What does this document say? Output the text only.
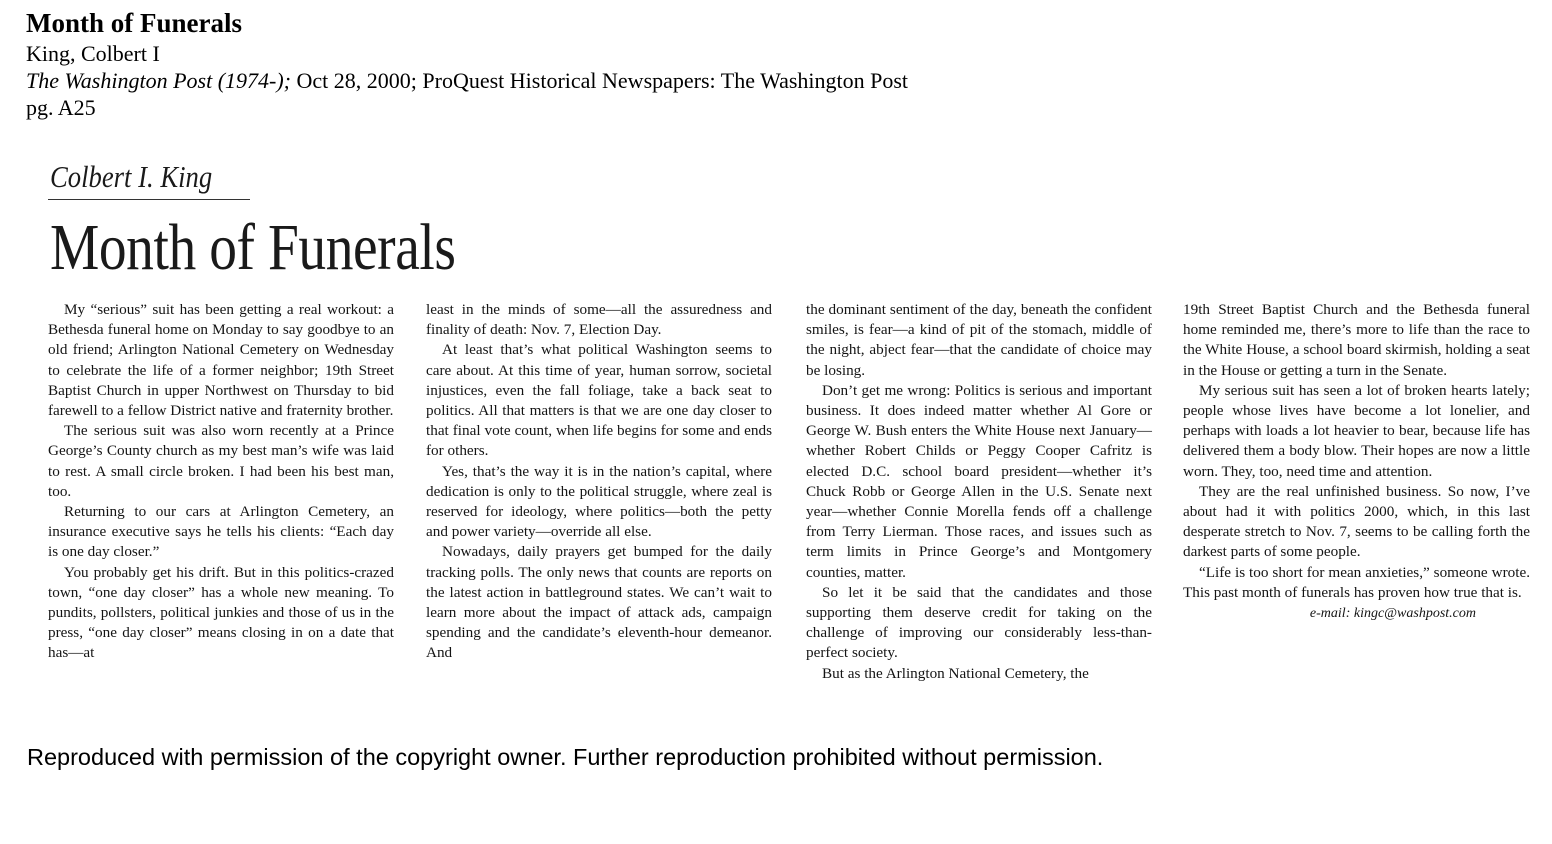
Month of Funerals
King, Colbert I
The Washington Post (1974-); Oct 28, 2000; ProQuest Historical Newspapers: The Washington Post
pg. A25
Colbert I. King
Month of Funerals

My “serious” suit has been getting a real workout: a Bethesda funeral home on Monday to say goodbye to an old friend; Arlington National Cemetery on Wednesday to celebrate the life of a former neighbor; 19th Street Baptist Church in upper Northwest on Thursday to bid farewell to a fellow District native and fraternity brother.

The serious suit was also worn recently at a Prince George’s County church as my best man’s wife was laid to rest. A small circle broken. I had been his best man, too.

Returning to our cars at Arlington Cemetery, an insurance executive says he tells his clients: “Each day is one day closer.”

You probably get his drift. But in this politics-crazed town, “one day closer” has a whole new meaning. To pundits, pollsters, political junkies and those of us in the press, “one day closer” means closing in on a date that has—at

least in the minds of some—all the assuredness and finality of death: Nov. 7, Election Day.

At least that’s what political Washington seems to care about. At this time of year, human sorrow, societal injustices, even the fall foliage, take a back seat to politics. All that matters is that we are one day closer to that final vote count, when life begins for some and ends for others.

Yes, that’s the way it is in the nation’s capital, where dedication is only to the political struggle, where zeal is reserved for ideology, where politics—both the petty and power variety—override all else.

Nowadays, daily prayers get bumped for the daily tracking polls. The only news that counts are reports on the latest action in battleground states. We can’t wait to learn more about the impact of attack ads, campaign spending and the candidate’s eleventh-hour demeanor. And

the dominant sentiment of the day, beneath the confident smiles, is fear—a kind of pit of the stomach, middle of the night, abject fear—that the candidate of choice may be losing.

Don’t get me wrong: Politics is serious and important business. It does indeed matter whether Al Gore or George W. Bush enters the White House next January—whether Robert Childs or Peggy Cooper Cafritz is elected D.C. school board president—whether it’s Chuck Robb or George Allen in the U.S. Senate next year—whether Connie Morella fends off a challenge from Terry Lierman. Those races, and issues such as term limits in Prince George’s and Montgomery counties, matter.

So let it be said that the candidates and those supporting them deserve credit for taking on the challenge of improving our considerably less-than-perfect society.

But as the Arlington National Cemetery, the

19th Street Baptist Church and the Bethesda funeral home reminded me, there’s more to life than the race to the White House, a school board skirmish, holding a seat in the House or getting a turn in the Senate.

My serious suit has seen a lot of broken hearts lately; people whose lives have become a lot lonelier, and perhaps with loads a lot heavier to bear, because life has delivered them a body blow. Their hopes are now a little worn. They, too, need time and attention.

They are the real unfinished business. So now, I’ve about had it with politics 2000, which, in this last desperate stretch to Nov. 7, seems to be calling forth the darkest parts of some people.

“Life is too short for mean anxieties,” someone wrote. This past month of funerals has proven how true that is.

e-mail: kingc@washpost.com
Reproduced with permission of the copyright owner. Further reproduction prohibited without permission.
